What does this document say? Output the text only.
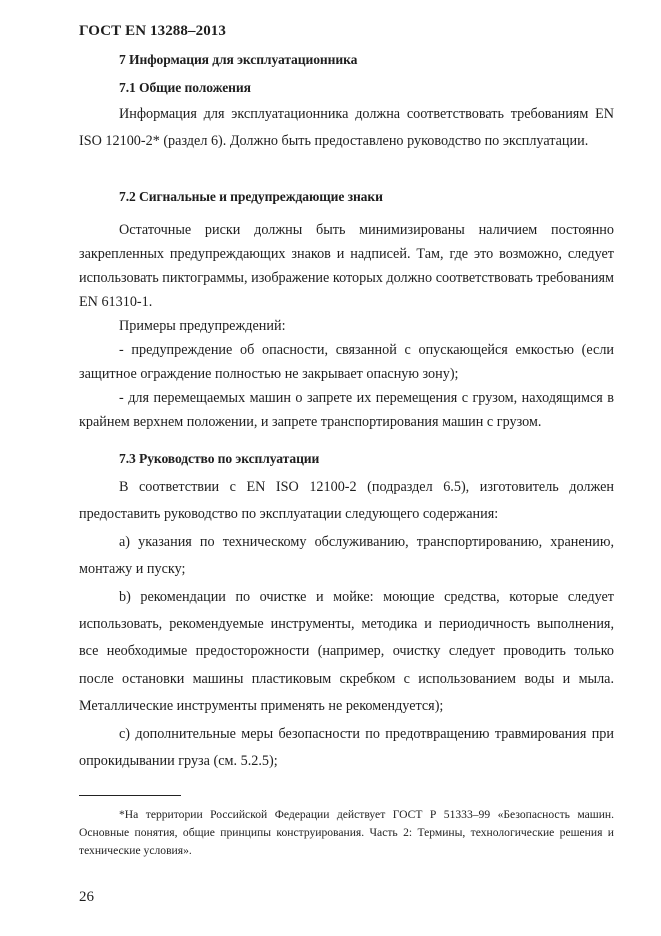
ГОСТ EN 13288–2013
7 Информация для эксплуатационника
7.1 Общие положения

Информация для эксплуатационника должна соответствовать требованиям EN ISO 12100-2* (раздел 6). Должно быть предоставлено руководство по эксплуатации.

7.2 Сигнальные и предупреждающие знаки

Остаточные риски должны быть минимизированы наличием постоянно закрепленных предупреждающих знаков и надписей. Там, где это возможно, следует использовать пиктограммы, изображение которых должно соответствовать требованиям EN 61310-1.

Примеры предупреждений:

- предупреждение об опасности, связанной с опускающейся емкостью (если защитное ограждение полностью не закрывает опасную зону);

- для перемещаемых машин о запрете их перемещения с грузом, находящимся в крайнем верхнем положении, и запрете транспортирования машин с грузом.

7.3 Руководство по эксплуатации

В соответствии с EN ISO 12100-2 (подраздел 6.5), изготовитель должен предоставить руководство по эксплуатации следующего содержания:

a) указания по техническому обслуживанию, транспортированию, хранению, монтажу и пуску;

b) рекомендации по очистке и мойке: моющие средства, которые следует использовать, рекомендуемые инструменты, методика и периодичность выполнения, все необходимые предосторожности (например, очистку следует проводить только после остановки машины пластиковым скребком с использованием воды и мыла. Металлические инструменты применять не рекомендуется);

c) дополнительные меры безопасности по предотвращению травмирования при опрокидывании груза (см. 5.2.5);

*На территории Российской Федерации действует ГОСТ Р 51333–99 «Безопасность машин. Основные понятия, общие принципы конструирования. Часть 2: Термины, технологические решения и технические условия».

26
